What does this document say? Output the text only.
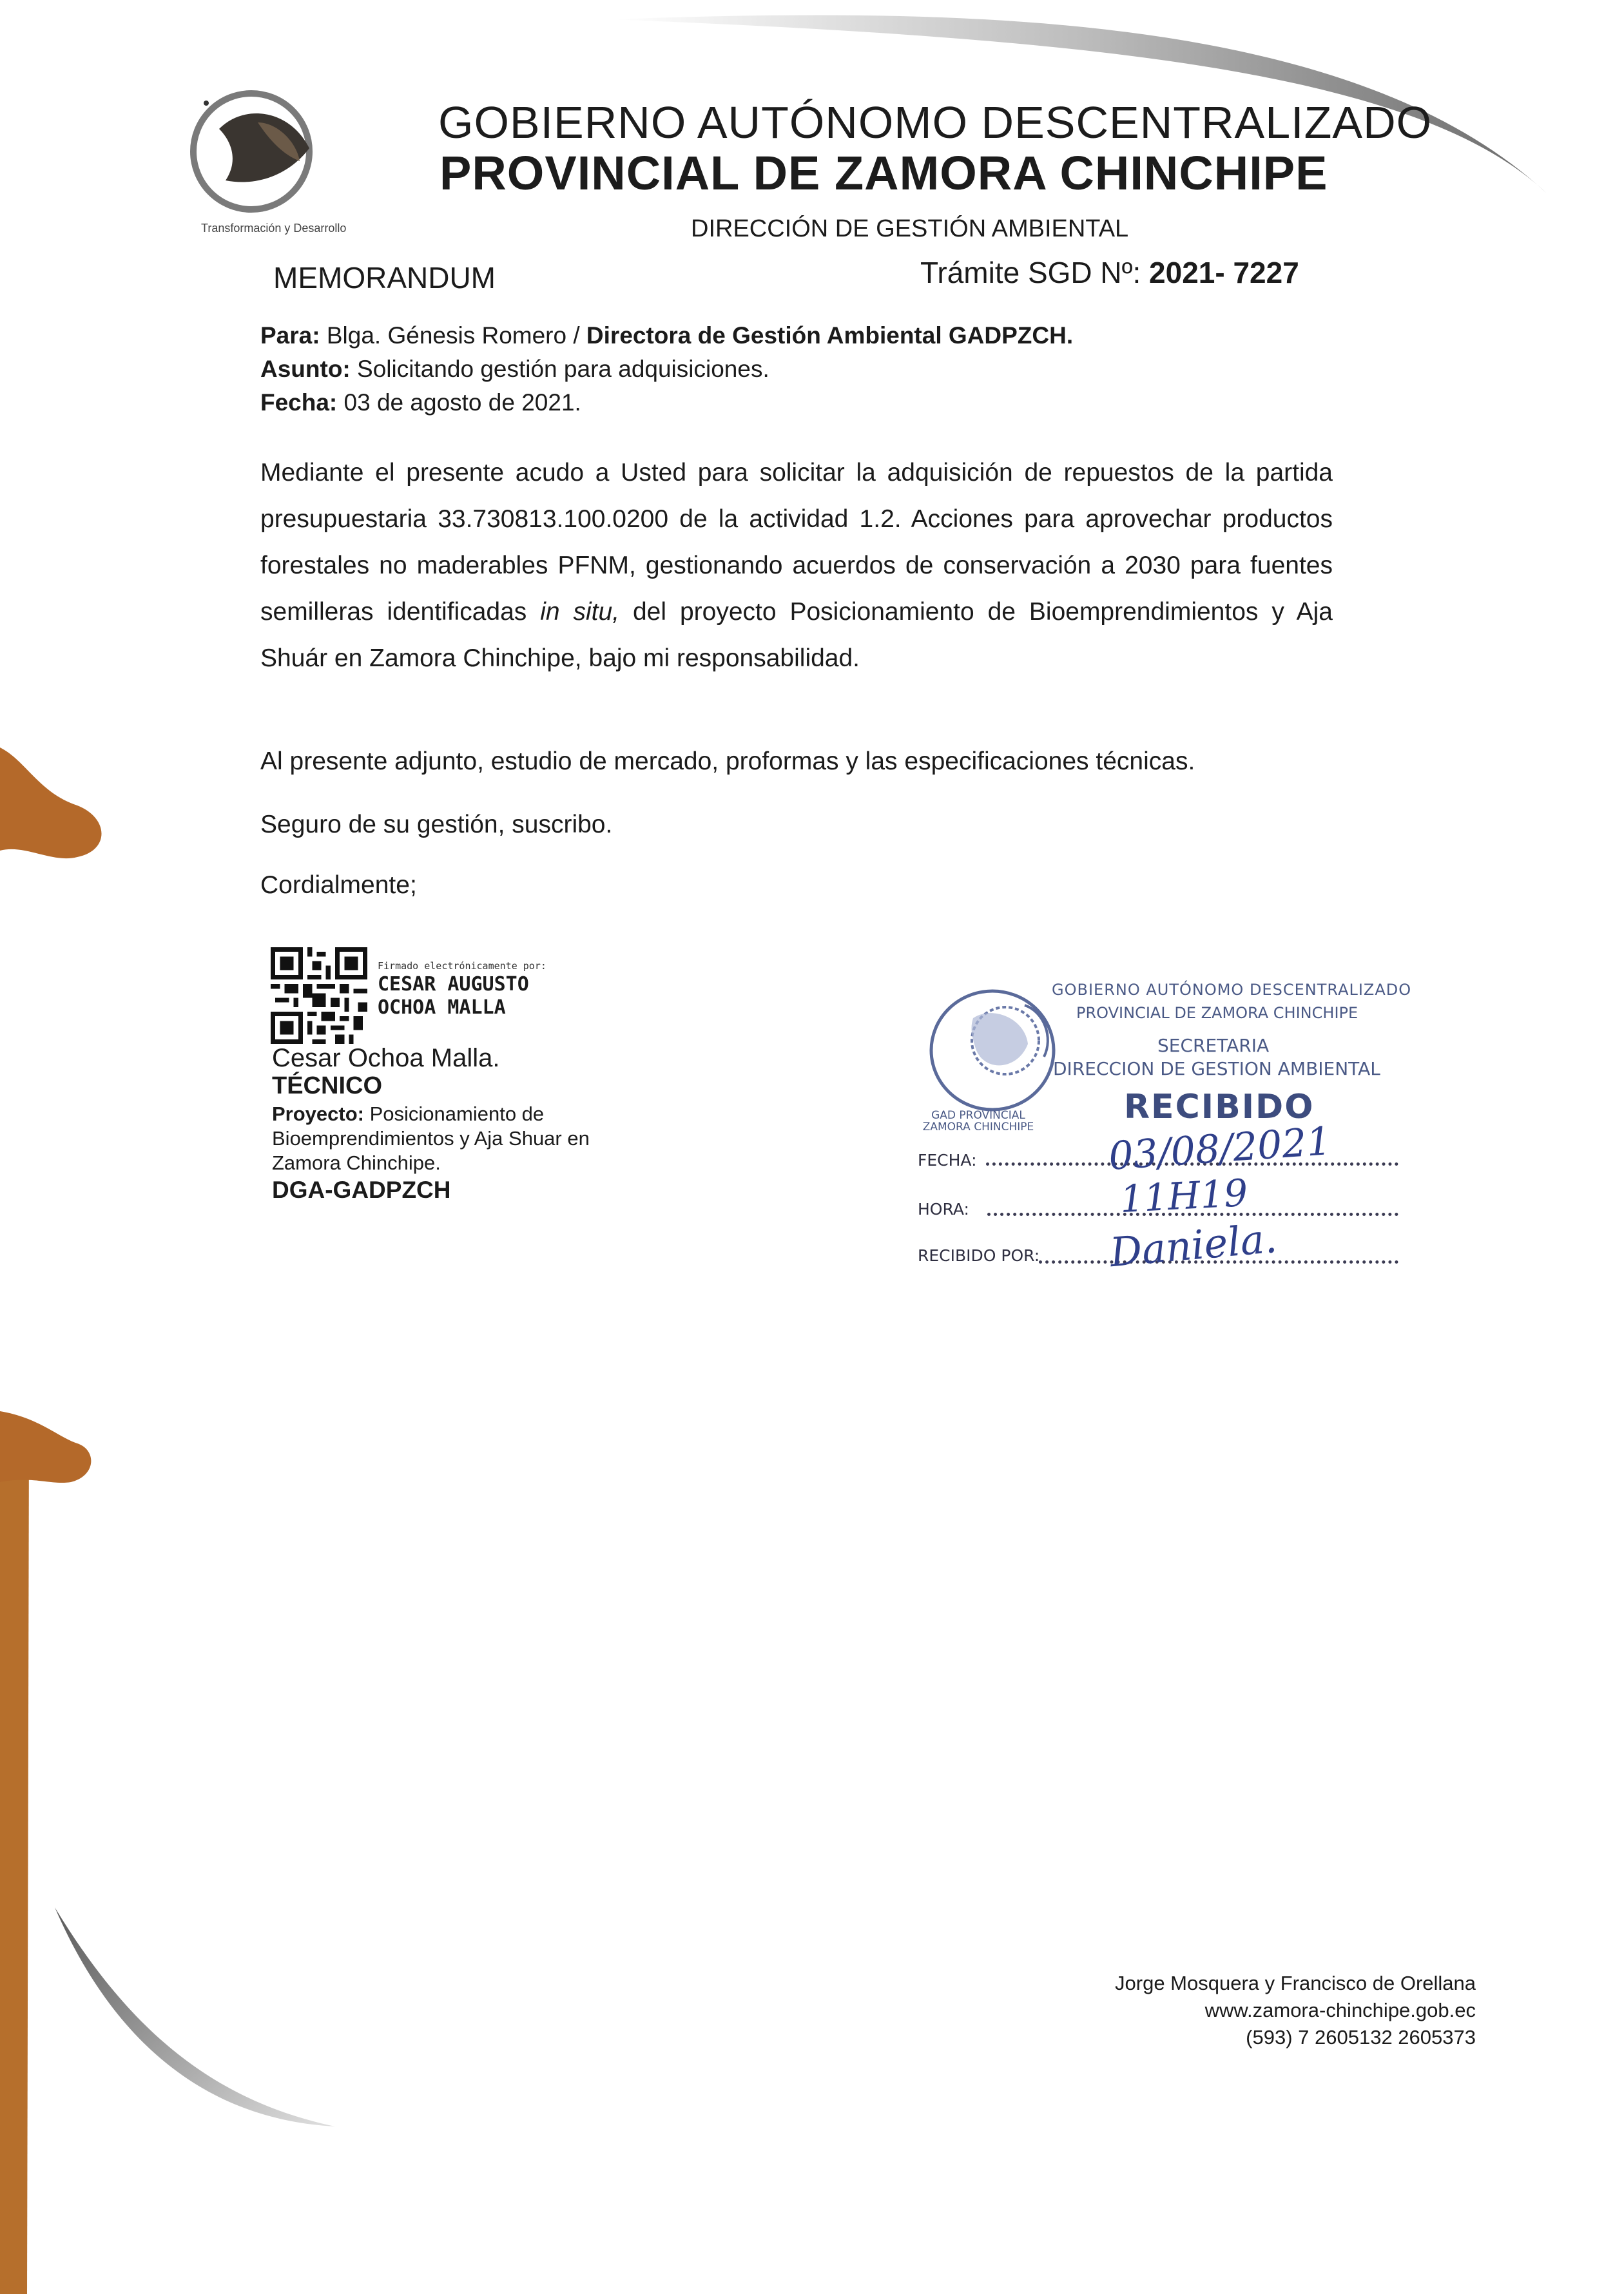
Transformación y Desarrollo
GOBIERNO AUTÓNOMO DESCENTRALIZADO
PROVINCIAL DE ZAMORA CHINCHIPE
DIRECCIÓN DE GESTIÓN AMBIENTAL
MEMORANDUM	Trámite SGD Nº: 2021- 7227
Para: Blga. Génesis Romero / Directora de Gestión Ambiental GADPZCH.
Asunto: Solicitando gestión para adquisiciones.
Fecha: 03 de agosto de 2021.

Mediante el presente acudo a Usted para solicitar la adquisición de repuestos de la partida presupuestaria 33.730813.100.0200 de la actividad 1.2. Acciones para aprovechar productos forestales no maderables PFNM, gestionando acuerdos de conservación a 2030 para fuentes semilleras identificadas in situ, del proyecto Posicionamiento de Bioemprendimientos y Aja Shuár en Zamora Chinchipe, bajo mi responsabilidad.

Al presente adjunto, estudio de mercado, proformas y las especificaciones técnicas.
Seguro de su gestión, suscribo.
Cordialmente;
Firmado electrónicamente por:
CESAR AUGUSTO
OCHOA MALLA
Cesar Ochoa Malla.
TÉCNICO
Proyecto: Posicionamiento de Bioemprendimientos y Aja Shuar en Zamora Chinchipe.
DGA-GADPZCH
GAD PROVINCIAL
ZAMORA CHINCHIPE
GOBIERNO AUTÓNOMO DESCENTRALIZADO
PROVINCIAL DE ZAMORA CHINCHIPE
SECRETARIA
DIRECCION DE GESTION AMBIENTAL
RECIBIDO
FECHA:	03/08/2021
HORA:	11H19
RECIBIDO POR: Daniela.
Jorge Mosquera y Francisco de Orellana
www.zamora-chinchipe.gob.ec
(593) 7 2605132 2605373
